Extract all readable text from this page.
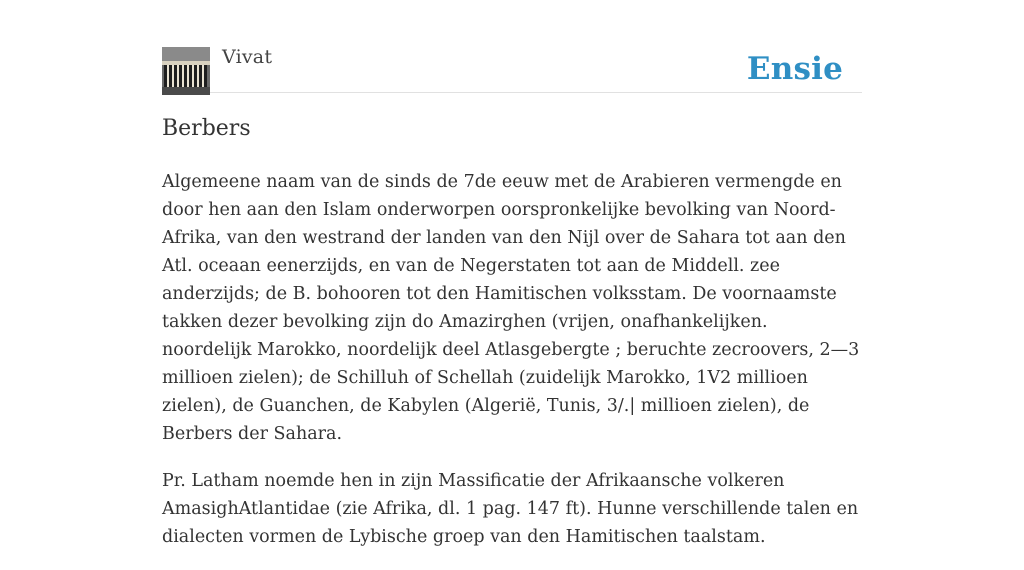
Vivat	Ensie
Berbers

Algemeene naam van de sinds de 7de eeuw met de Arabieren vermengde en door hen aan den Islam onderworpen oorspronkelijke bevolking van Noord-Afrika, van den westrand der landen van den Nijl over de Sahara tot aan den Atl. oceaan eenerzijds, en van de Negerstaten tot aan de Middell. zee anderzijds; de B. bohooren tot den Hamitischen volksstam. De voornaamste takken dezer bevolking zijn do Amazirghen (vrijen, onafhankelijken. noordelijk Marokko, noordelijk deel Atlasgebergte ; beruchte zecroovers, 2—3 millioen zielen); de Schilluh of Schellah (zuidelijk Marokko, 1V2 millioen zielen), de Guanchen, de Kabylen (Algerië, Tunis, 3/.| millioen zielen), de Berbers der Sahara.

Pr. Latham noemde hen in zijn Massificatie der Afrikaansche volkeren AmasighAtlantidae (zie Afrika, dl. 1 pag. 147 ft). Hunne verschillende talen en dialecten vormen de Lybische groep van den Hamitischen taalstam.
